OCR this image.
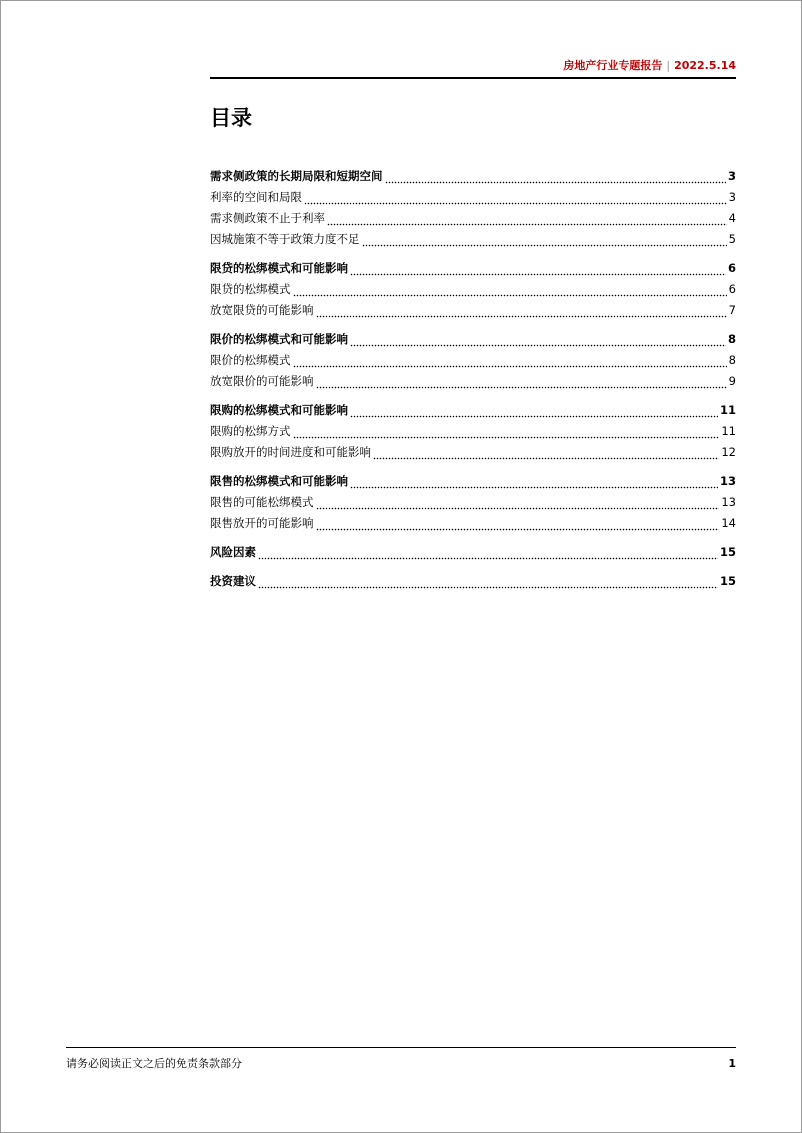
房地产行业专题报告 | 2022.5.14
目录
需求侧政策的长期局限和短期空间	3
利率的空间和局限	3
需求侧政策不止于利率	4
因城施策不等于政策力度不足	5
限贷的松绑模式和可能影响	6
限贷的松绑模式	6
放宽限贷的可能影响	7
限价的松绑模式和可能影响	8
限价的松绑模式	8
放宽限价的可能影响	9
限购的松绑模式和可能影响	11
限购的松绑方式	11
限购放开的时间进度和可能影响	12
限售的松绑模式和可能影响	13
限售的可能松绑模式	13
限售放开的可能影响	14
风险因素	15
投资建议	15
请务必阅读正文之后的免责条款部分	1
